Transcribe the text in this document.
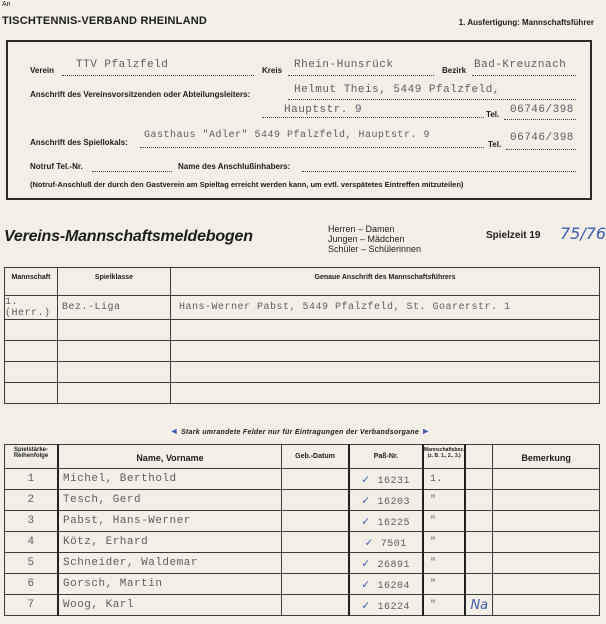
An
TISCHTENNIS-VERBAND RHEINLAND	1. Ausfertigung: Mannschaftsführer
Verein TTV Pfalzfeld	Kreis Rhein-Hunsrück	Bezirk Bad-Kreuznach
Anschrift des Vereinsvorsitzenden oder Abteilungsleiters:	Helmut Theis, 5449 Pfalzfeld,
Hauptstr. 9	Tel. 06746/398
Anschrift des Spiellokals:
Gasthaus "Adler" 5449 Pfalzfeld, Hauptstr. 9
Tel.
06746/398
Notruf Tel.-Nr.	Name des Anschlußinhabers:
(Notruf-Anschluß der durch den Gastverein am Spieltag erreicht werden kann, um evtl. verspätetes Eintreffen mitzuteilen)
Vereins-Mannschaftsmeldebogen	Herren – Damen
Jungen – Mädchen
Schüler – Schülerinnen
Spielzeit 19 75/76
Mannschaft	Spielklasse	Genaue Anschrift des Mannschaftsführers
1.(Herr.)	Bez.-Liga	Hans-Werner Pabst, 5449 Pfalzfeld, St. Goarerstr. 1

◄ Stark umrandete Felder nur für Eintragungen der Verbandsorgane ►
Spielstärke-Reihenfolge	Name, Vorname	Geb.-Datum	Paß-Nr.	Mannschaftsbez. (z. B. 1., 2., 3.)		Bemerkung
1	Michel, Berthold		✓ 16231	1.		
2	Tesch, Gerd		✓ 16203	"		
3	Pabst, Hans-Werner		✓ 16225	"		
4	Kötz, Erhard		✓ 7501	"		
5	Schneider, Waldemar		✓ 26891	"		
6	Gorsch, Martin		✓ 16204	"		
7	Woog, Karl		✓ 16224	"	Na	
